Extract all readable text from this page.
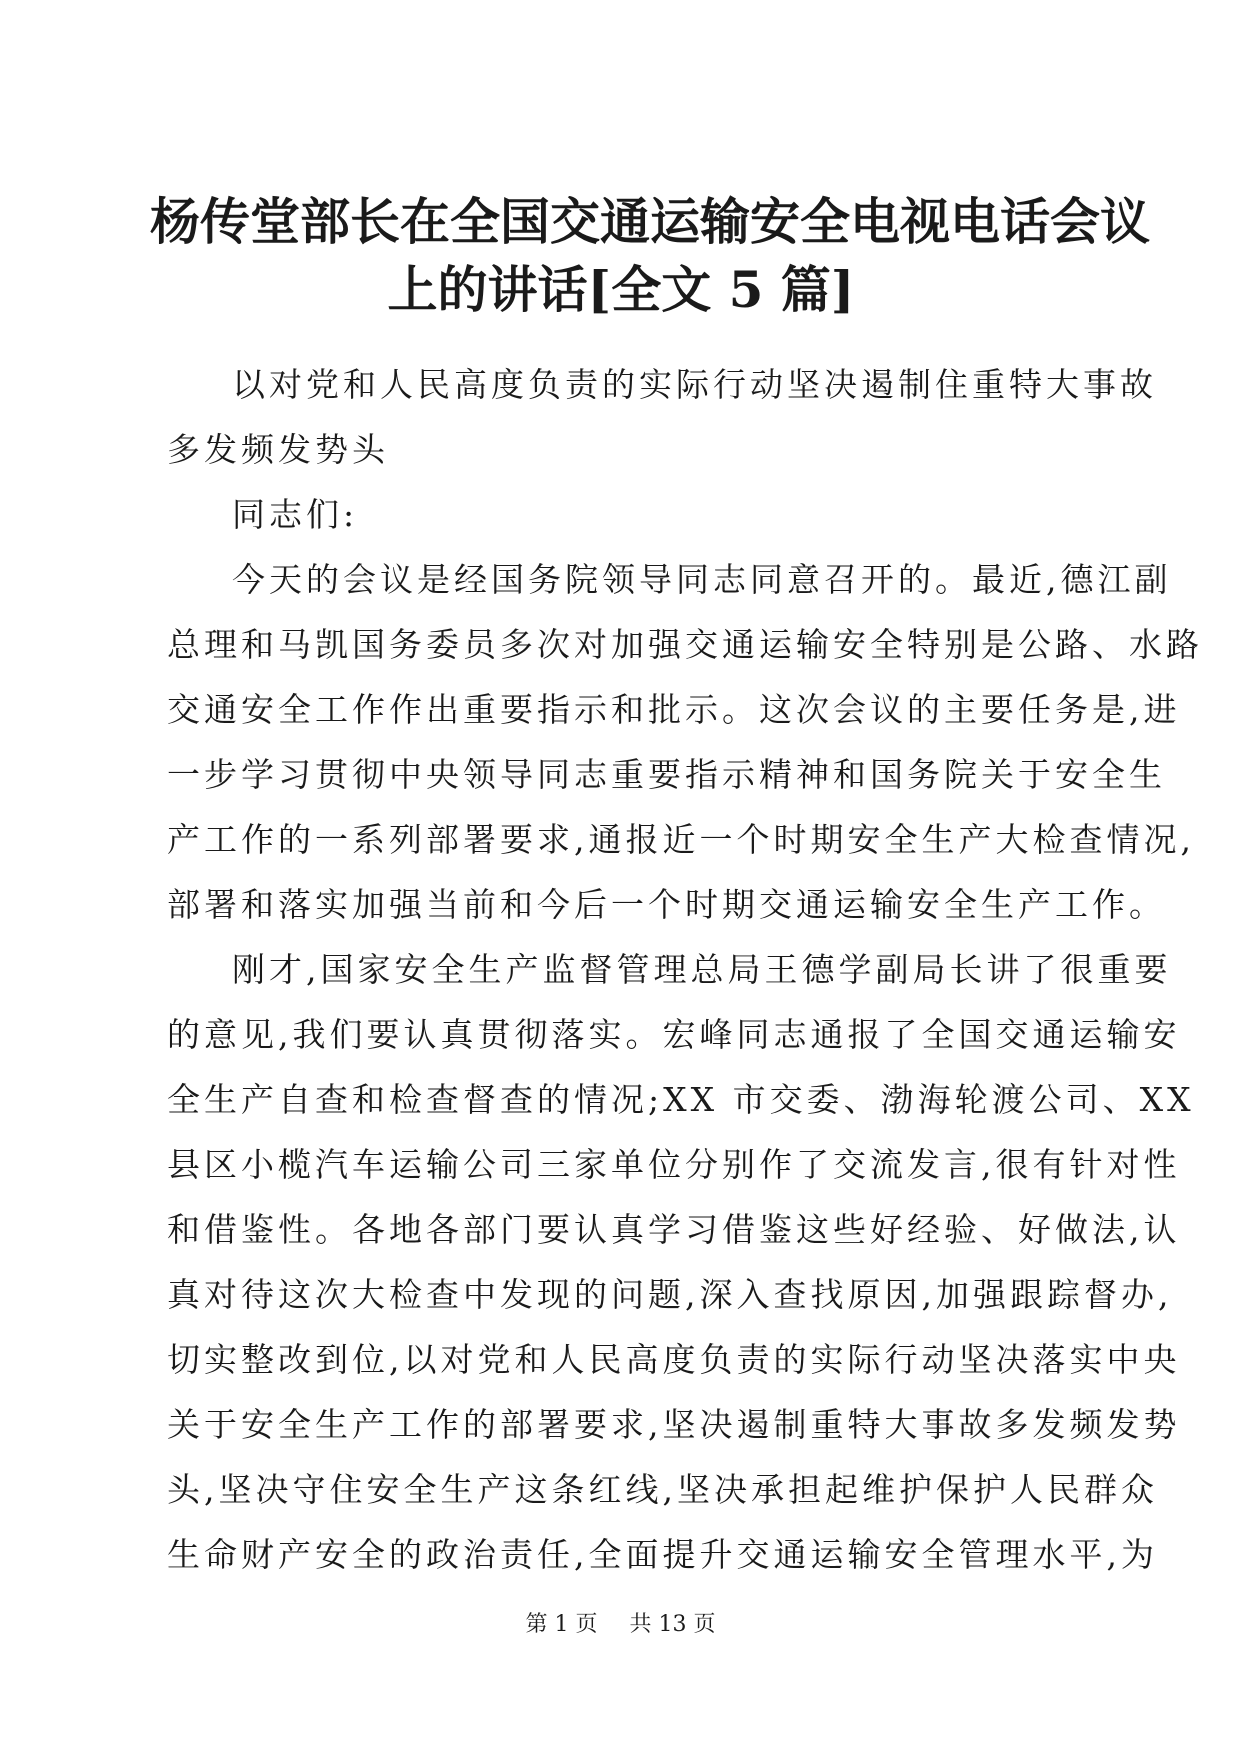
杨传堂部长在全国交通运输安全电视电话会议
上的讲话[全文 5 篇]

以对党和人民高度负责的实际行动坚决遏制住重特大事故
多发频发势头

同志们:

今天的会议是经国务院领导同志同意召开的。最近,德江副
总理和马凯国务委员多次对加强交通运输安全特别是公路、水路
交通安全工作作出重要指示和批示。这次会议的主要任务是,进
一步学习贯彻中央领导同志重要指示精神和国务院关于安全生
产工作的一系列部署要求,通报近一个时期安全生产大检查情况,
部署和落实加强当前和今后一个时期交通运输安全生产工作。

刚才,国家安全生产监督管理总局王德学副局长讲了很重要
的意见,我们要认真贯彻落实。宏峰同志通报了全国交通运输安
全生产自查和检查督查的情况;XX 市交委、渤海轮渡公司、XX
县区小榄汽车运输公司三家单位分别作了交流发言,很有针对性
和借鉴性。各地各部门要认真学习借鉴这些好经验、好做法,认
真对待这次大检查中发现的问题,深入查找原因,加强跟踪督办,
切实整改到位,以对党和人民高度负责的实际行动坚决落实中央
关于安全生产工作的部署要求,坚决遏制重特大事故多发频发势
头,坚决守住安全生产这条红线,坚决承担起维护保护人民群众
生命财产安全的政治责任,全面提升交通运输安全管理水平,为

第 1 页 共 13 页
